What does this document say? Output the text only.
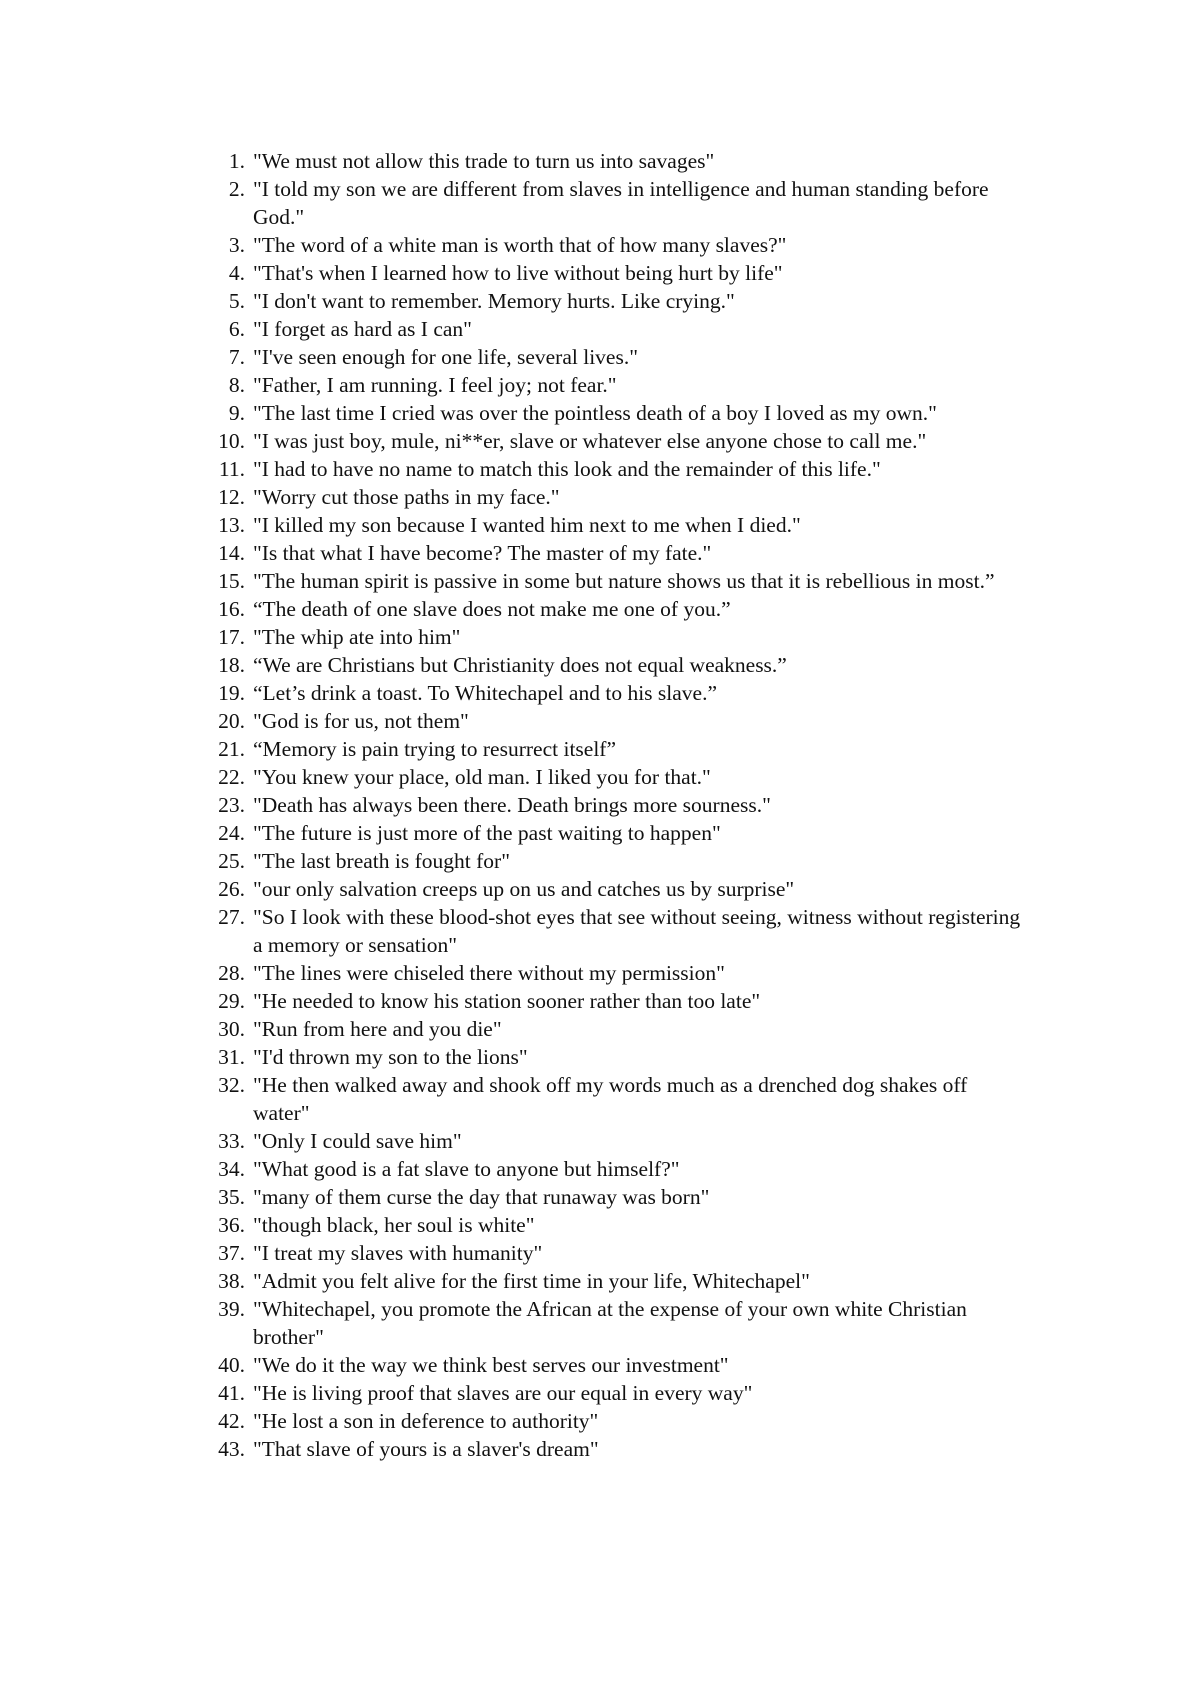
1. "We must not allow this trade to turn us into savages"
2. "I told my son we are different from slaves in intelligence and human standing before God."
3. "The word of a white man is worth that of how many slaves?"
4. "That's when I learned how to live without being hurt by life"
5. "I don't want to remember. Memory hurts. Like crying."
6. "I forget as hard as I can"
7. "I've seen enough for one life, several lives."
8. "Father, I am running. I feel joy; not fear."
9. "The last time I cried was over the pointless death of a boy I loved as my own."
10. "I was just boy, mule, ni**er, slave or whatever else anyone chose to call me."
11. "I had to have no name to match this look and the remainder of this life."
12. "Worry cut those paths in my face."
13. "I killed my son because I wanted him next to me when I died."
14. "Is that what I have become? The master of my fate."
15. "The human spirit is passive in some but nature shows us that it is rebellious in most.”
16. “The death of one slave does not make me one of you.”
17. "The whip ate into him"
18. “We are Christians but Christianity does not equal weakness.”
19. “Let’s drink a toast. To Whitechapel and to his slave.”
20. "God is for us, not them"
21. “Memory is pain trying to resurrect itself”
22. "You knew your place, old man. I liked you for that."
23. "Death has always been there. Death brings more sourness."
24. "The future is just more of the past waiting to happen"
25. "The last breath is fought for"
26. "our only salvation creeps up on us and catches us by surprise"
27. "So I look with these blood-shot eyes that see without seeing, witness without registering a memory or sensation"
28. "The lines were chiseled there without my permission"
29. "He needed to know his station sooner rather than too late"
30. "Run from here and you die"
31. "I'd thrown my son to the lions"
32. "He then walked away and shook off my words much as a drenched dog shakes off water"
33. "Only I could save him"
34. "What good is a fat slave to anyone but himself?"
35. "many of them curse the day that runaway was born"
36. "though black, her soul is white"
37. "I treat my slaves with humanity"
38. "Admit you felt alive for the first time in your life, Whitechapel"
39. "Whitechapel, you promote the African at the expense of your own white Christian brother"
40. "We do it the way we think best serves our investment"
41. "He is living proof that slaves are our equal in every way"
42. "He lost a son in deference to authority"
43. "That slave of yours is a slaver's dream"
